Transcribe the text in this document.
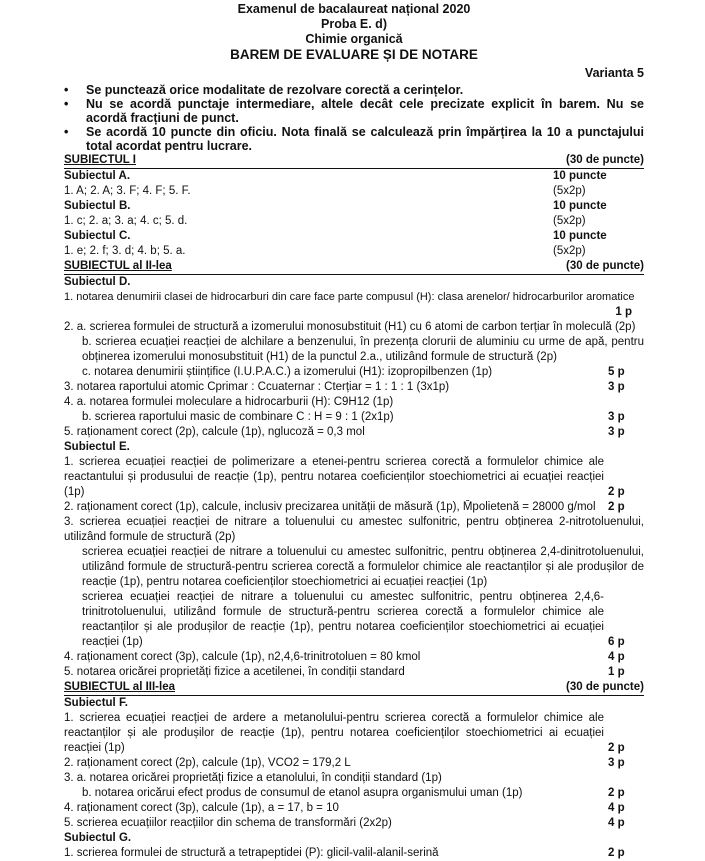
Examenul de bacalaureat național 2020
Proba E. d)
Chimie organică
BAREM DE EVALUARE ȘI DE NOTARE
Varianta 5

• Se punctează orice modalitate de rezolvare corectă a cerințelor.

• Nu se acordă punctaje intermediare, altele decât cele precizate explicit în barem. Nu se acordă fracțiuni de punct.

• Se acordă 10 puncte din oficiu. Nota finală se calculează prin împărțirea la 10 a punctajului total acordat pentru lucrare.

SUBIECTUL I	(30 de puncte)
Subiectul A.	10 puncte
1. A; 2. A; 3. F; 4. F; 5. F.	(5x2p)
Subiectul B.	10 puncte
1. c; 2. a; 3. a; 4. c; 5. d.	(5x2p)
Subiectul C.	10 puncte
1. e; 2. f; 3. d; 4. b; 5. a.	(5x2p)
SUBIECTUL al II-lea	(30 de puncte)
Subiectul D.
1. notarea denumirii clasei de hidrocarburi din care face parte compusul (H): clasa arenelor/ hidrocarburilor aromatice
1 p
2. a. scrierea formulei de structură a izomerului monosubstituit (H1) cu 6 atomi de carbon terțiar în moleculă (2p)
b. scrierea ecuației reacției de alchilare a benzenului, în prezența clorurii de aluminiu cu urme de apă, pentru obținerea izomerului monosubstituit (H1) de la punctul 2.a., utilizând formule de structură (2p)
c. notarea denumirii științifice (I.U.P.A.C.) a izomerului (H1): izopropilbenzen (1p)	5 p
3. notarea raportului atomic Cprimar : Ccuaternar : Cterțiar = 1 : 1 : 1 (3x1p)	3 p
4. a. notarea formulei moleculare a hidrocarburii (H): C9H12 (1p)
b. scrierea raportului masic de combinare C : H = 9 : 1 (2x1p)	3 p
5. raționament corect (2p), calcule (1p), nglucoză = 0,3 mol	3 p
Subiectul E.
1. scrierea ecuației reacției de polimerizare a etenei-pentru scrierea corectă a formulelor chimice ale reactantului și produsului de reacție (1p), pentru notarea coeficienților stoechiometrici ai ecuației reacției (1p)	2 p
2. raționament corect (1p), calcule, inclusiv precizarea unității de măsură (1p), M̄polietenă = 28000 g/mol 2 p
3. scrierea ecuației reacției de nitrare a toluenului cu amestec sulfonitric, pentru obținerea 2-nitrotoluenului, utilizând formule de structură (2p)
scrierea ecuației reacției de nitrare a toluenului cu amestec sulfonitric, pentru obținerea 2,4-dinitrotoluenului, utilizând formule de structură-pentru scrierea corectă a formulelor chimice ale reactanților și ale produșilor de reacție (1p), pentru notarea coeficienților stoechiometrici ai ecuației reacției (1p)
scrierea ecuației reacției de nitrare a toluenului cu amestec sulfonitric, pentru obținerea 2,4,6-trinitrotoluenului, utilizând formule de structură-pentru scrierea corectă a formulelor chimice ale reactanților și ale produșilor de reacție (1p), pentru notarea coeficienților stoechiometrici ai ecuației reacției (1p)	6 p
4. raționament corect (3p), calcule (1p), n2,4,6-trinitrotoluen = 80 kmol	4 p
5. notarea oricărei proprietăți fizice a acetilenei, în condiții standard	1 p
SUBIECTUL al III-lea	(30 de puncte)
Subiectul F.
1. scrierea ecuației reacției de ardere a metanolului-pentru scrierea corectă a formulelor chimice ale reactanților și ale produșilor de reacție (1p), pentru notarea coeficienților stoechiometrici ai ecuației reacției (1p)	2 p
2. raționament corect (2p), calcule (1p), VCO2 = 179,2 L	3 p
3. a. notarea oricărei proprietăți fizice a etanolului, în condiții standard (1p)
b. notarea oricărui efect produs de consumul de etanol asupra organismului uman (1p)	2 p
4. raționament corect (3p), calcule (1p), a = 17, b = 10	4 p
5. scrierea ecuațiilor reacțiilor din schema de transformări (2x2p)	4 p
Subiectul G.
1. scrierea formulei de structură a tetrapeptidei (P): glicil-valil-alanil-serină	2 p
